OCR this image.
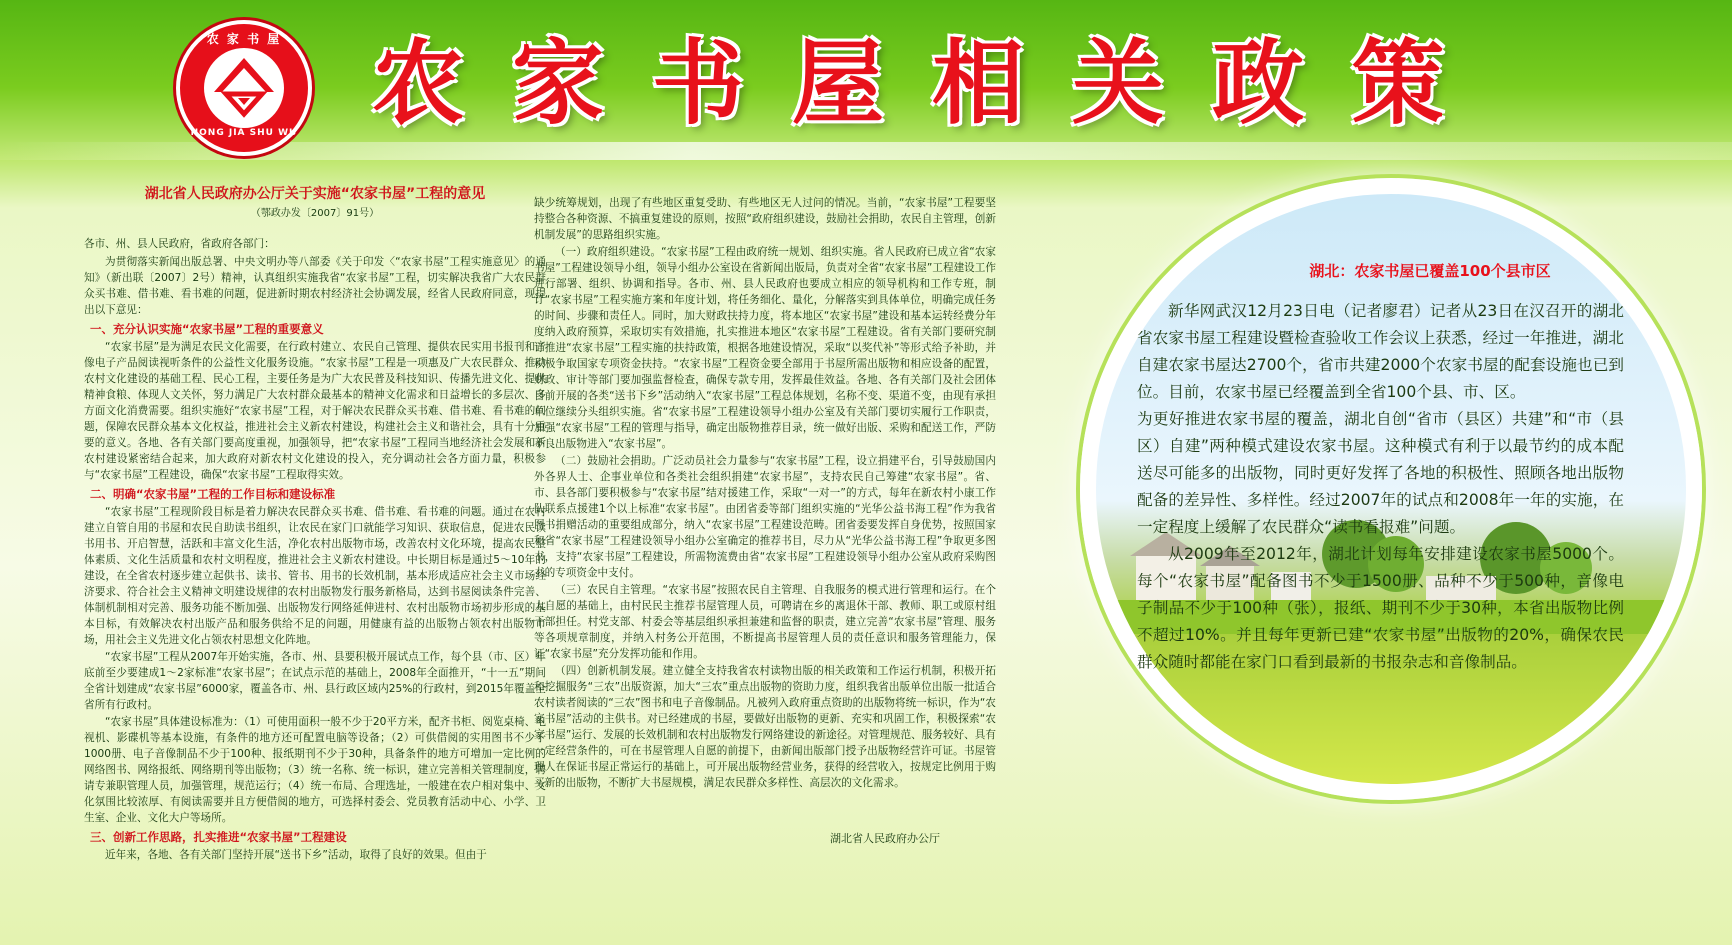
农 家 书 屋
NONG JIA SHU WU 农家书屋相关政策
湖北省人民政府办公厅关于实施“农家书屋”工程的意见
（鄂政办发〔2007〕91号）
各市、州、县人民政府，省政府各部门：

为贯彻落实新闻出版总署、中央文明办等八部委《关于印发〈“农家书屋”工程实施意见〉的通知》（新出联〔2007〕2号）精神，认真组织实施我省“农家书屋”工程，切实解决我省广大农民群众买书难、借书难、看书难的问题，促进新时期农村经济社会协调发展，经省人民政府同意，现提出以下意见：

一、充分认识实施“农家书屋”工程的重要意义

“农家书屋”是为满足农民文化需要，在行政村建立、农民自己管理、提供农民实用书报刊和音像电子产品阅读视听条件的公益性文化服务设施。“农家书屋”工程是一项惠及广大农民群众、推动农村文化建设的基础工程、民心工程，主要任务是为广大农民普及科技知识、传播先进文化、提供精神食粮、体现人文关怀，努力满足广大农村群众最基本的精神文化需求和日益增长的多层次、多方面文化消费需要。组织实施好“农家书屋”工程，对于解决农民群众买书难、借书难、看书难的问题，保障农民群众基本文化权益，推进社会主义新农村建设，构建社会主义和谐社会，具有十分重要的意义。各地、各有关部门要高度重视，加强领导，把“农家书屋”工程同当地经济社会发展和新农村建设紧密结合起来，加大政府对新农村文化建设的投入，充分调动社会各方面力量，积极参与“农家书屋”工程建设，确保“农家书屋”工程取得实效。

二、明确“农家书屋”工程的工作目标和建设标准

“农家书屋”工程现阶段目标是着力解决农民群众买书难、借书难、看书难的问题。通过在农村建立自管自用的书屋和农民自助读书组织，让农民在家门口就能学习知识、获取信息，促进农民读书用书、开启智慧，活跃和丰富文化生活，净化农村出版物市场，改善农村文化环境，提高农民整体素质、文化生活质量和农村文明程度，推进社会主义新农村建设。中长期目标是通过5～10年的建设，在全省农村逐步建立起供书、读书、管书、用书的长效机制，基本形成适应社会主义市场经济要求、符合社会主义精神文明建设规律的农村出版物发行服务新格局，达到书屋阅读条件完善、体制机制相对完善、服务功能不断加强、出版物发行网络延伸进村、农村出版物市场初步形成的基本目标，有效解决农村出版产品和服务供给不足的问题，用健康有益的出版物占领农村出版物市场，用社会主义先进文化占领农村思想文化阵地。

“农家书屋”工程从2007年开始实施，各市、州、县要积极开展试点工作，每个县（市、区）年底前至少要建成1～2家标准“农家书屋”；在试点示范的基础上，2008年全面推开，“十一五”期间全省计划建成“农家书屋”6000家，覆盖各市、州、县行政区域内25%的行政村，到2015年覆盖全省所有行政村。

“农家书屋”具体建设标准为：（1）可使用面积一般不少于20平方米，配齐书柜、阅览桌椅、电视机、影碟机等基本设施，有条件的地方还可配置电脑等设备；（2）可供借阅的实用图书不少于1000册、电子音像制品不少于100种、报纸期刊不少于30种，具备条件的地方可增加一定比例的网络图书、网络报纸、网络期刊等出版物；（3）统一名称、统一标识，建立完善相关管理制度，聘请专兼职管理人员，加强管理，规范运行；（4）统一布局、合理选址，一般建在农户相对集中、文化氛围比较浓厚、有阅读需要并且方便借阅的地方，可选择村委会、党员教育活动中心、小学、卫生室、企业、文化大户等场所。

三、创新工作思路，扎实推进“农家书屋”工程建设

近年来，各地、各有关部门坚持开展“送书下乡”活动，取得了良好的效果。但由于

缺少统筹规划，出现了有些地区重复受助、有些地区无人过问的情况。当前，“农家书屋”工程要坚持整合各种资源、不搞重复建设的原则，按照“政府组织建设，鼓励社会捐助，农民自主管理，创新机制发展”的思路组织实施。

（一）政府组织建设。“农家书屋”工程由政府统一规划、组织实施。省人民政府已成立省“农家书屋”工程建设领导小组，领导小组办公室设在省新闻出版局，负责对全省“农家书屋”工程建设工作进行部署、组织、协调和指导。各市、州、县人民政府也要成立相应的领导机构和工作专班，制订“农家书屋”工程实施方案和年度计划，将任务细化、量化，分解落实到具体单位，明确完成任务的时间、步骤和责任人。同时，加大财政扶持力度，将本地区“农家书屋”建设和基本运转经费分年度纳入政府预算，采取切实有效措施，扎实推进本地区“农家书屋”工程建设。省有关部门要研究制订推进“农家书屋”工程实施的扶持政策，根据各地建设情况，采取“以奖代补”等形式给予补助，并积极争取国家专项资金扶持。“农家书屋”工程资金要全部用于书屋所需出版物和相应设备的配置，财政、审计等部门要加强监督检查，确保专款专用，发挥最佳效益。各地、各有关部门及社会团体目前开展的各类“送书下乡”活动纳入“农家书屋”工程总体规划，名称不变、渠道不变，由现有承担单位继续分头组织实施。省“农家书屋”工程建设领导小组办公室及有关部门要切实履行工作职责，加强“农家书屋”工程的管理与指导，确定出版物推荐目录，统一做好出版、采购和配送工作，严防不良出版物进入“农家书屋”。

（二）鼓励社会捐助。广泛动员社会力量参与“农家书屋”工程，设立捐建平台，引导鼓励国内外各界人士、企事业单位和各类社会组织捐建“农家书屋”，支持农民自己筹建“农家书屋”。省、市、县各部门要积极参与“农家书屋”结对援建工作，采取“一对一”的方式，每年在新农村小康工作队联系点援建1个以上标准“农家书屋”。由团省委等部门组织实施的“光华公益书海工程”作为我省图书捐赠活动的重要组成部分，纳入“农家书屋”工程建设范畴。团省委要发挥自身优势，按照国家和省“农家书屋”工程建设领导小组办公室确定的推荐书目，尽力从“光华公益书海工程”争取更多图书，支持“农家书屋”工程建设，所需物流费由省“农家书屋”工程建设领导小组办公室从政府采购图书的专项资金中支付。

（三）农民自主管理。“农家书屋”按照农民自主管理、自我服务的模式进行管理和运行。在个人自愿的基础上，由村民民主推荐书屋管理人员，可聘请在乡的离退休干部、教师、职工或原村组干部担任。村党支部、村委会等基层组织承担兼建和监督的职责，建立完善“农家书屋”管理、服务等各项规章制度，并纳入村务公开范围，不断提高书屋管理人员的责任意识和服务管理能力，保证“农家书屋”充分发挥功能和作用。

（四）创新机制发展。建立健全支持我省农村读物出版的相关政策和工作运行机制，积极开拓和挖掘服务“三农”出版资源，加大“三农”重点出版物的资助力度，组织我省出版单位出版一批适合农村读者阅读的“三农”图书和电子音像制品。凡被列入政府重点资助的出版物将统一标识，作为“农家书屋”活动的主供书。对已经建成的书屋，要做好出版物的更新、充实和巩固工作，积极探索“农家书屋”运行、发展的长效机制和农村出版物发行网络建设的新途径。对管理规范、服务较好、具有一定经营条件的，可在书屋管理人自愿的前提下，由新闻出版部门授予出版物经营许可证。书屋管理人在保证书屋正常运行的基础上，可开展出版物经营业务，获得的经营收入，按规定比例用于购买新的出版物，不断扩大书屋规模，满足农民群众多样性、高层次的文化需求。

湖北省人民政府办公厅
湖北：农家书屋已覆盖100个县市区

新华网武汉12月23日电（记者廖君）记者从23日在汉召开的湖北省农家书屋工程建设暨检查验收工作会议上获悉，经过一年推进，湖北自建农家书屋达2700个，省市共建2000个农家书屋的配套设施也已到位。目前，农家书屋已经覆盖到全省100个县、市、区。

为更好推进农家书屋的覆盖，湖北自创“省市（县区）共建”和“市（县区）自建”两种模式建设农家书屋。这种模式有利于以最节约的成本配送尽可能多的出版物，同时更好发挥了各地的积极性、照顾各地出版物配备的差异性、多样性。经过2007年的试点和2008年一年的实施，在一定程度上缓解了农民群众“读书看报难”问题。

从2009年至2012年，湖北计划每年安排建设农家书屋5000个。每个“农家书屋”配备图书不少于1500册、品种不少于500种，音像电子制品不少于100种（张），报纸、期刊不少于30种，本省出版物比例不超过10%。并且每年更新已建“农家书屋”出版物的20%，确保农民群众随时都能在家门口看到最新的书报杂志和音像制品。
